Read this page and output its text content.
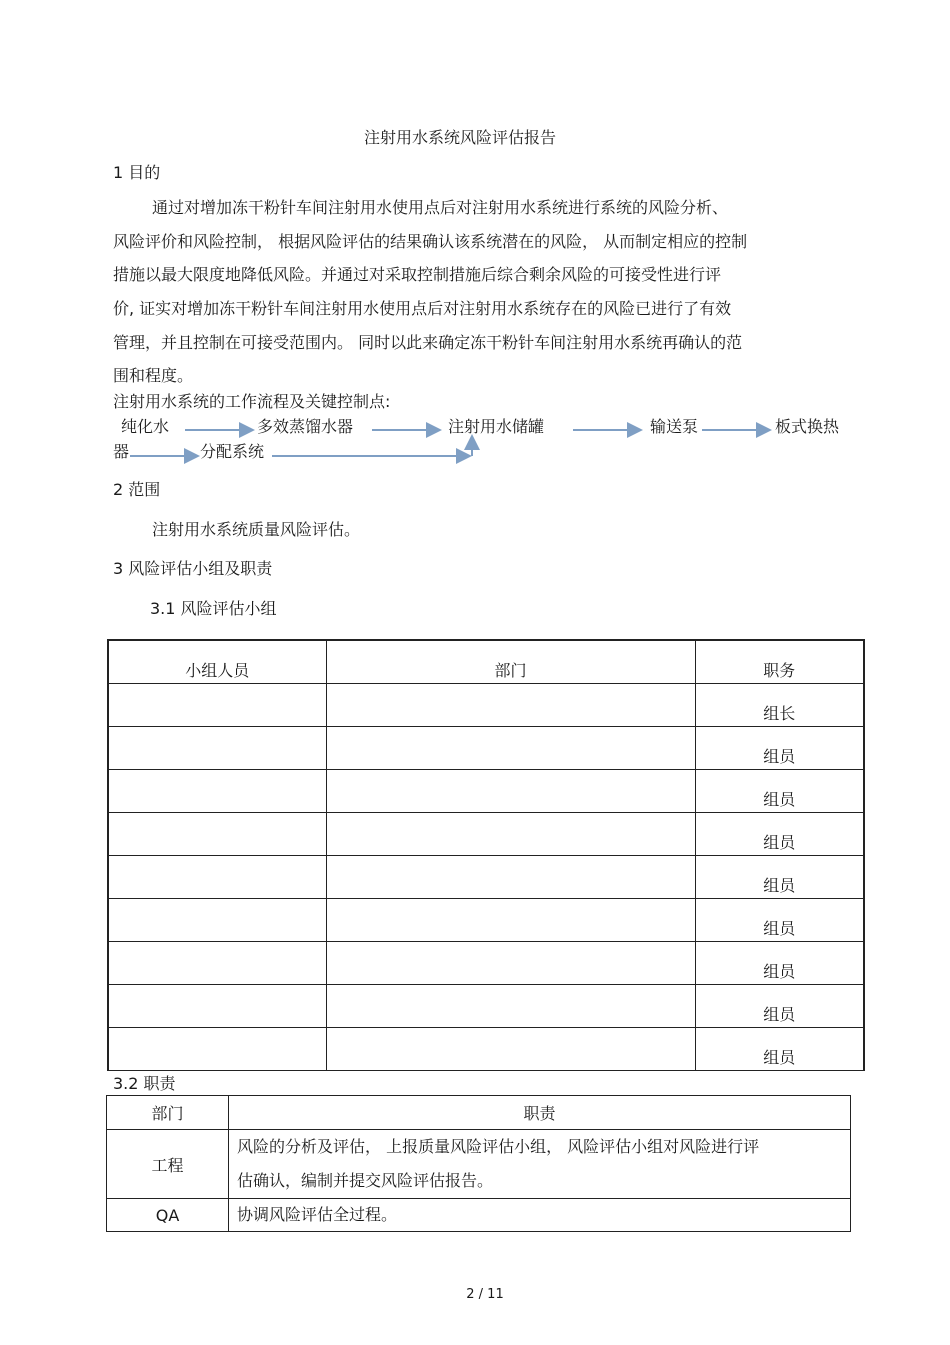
注射用水系统风险评估报告
1 目的
通过对增加冻干粉针车间注射用水使用点后对注射用水系统进行系统的风险分析、
风险评价和风险控制， 根据风险评估的结果确认该系统潜在的风险， 从而制定相应的控制
措施以最大限度地降低风险。并通过对采取控制措施后综合剩余风险的可接受性进行评
价, 证实对增加冻干粉针车间注射用水使用点后对注射用水系统存在的风险已进行了有效
管理，并且控制在可接受范围内。 同时以此来确定冻干粉针车间注射用水系统再确认的范
围和程度。
注射用水系统的工作流程及关键控制点:
纯化水	多效蒸馏水器	注射用水储罐	输送泵	板式换热
器	分配系统
2 范围
注射用水系统质量风险评估。
3 风险评估小组及职责
3.1 风险评估小组
小组人员	部门	职务
		组长
		组员
		组员
		组员
		组员
		组员
		组员
		组员
		组员
3.2 职责
部门	职责
工程	风险的分析及评估， 上报质量风险评估小组， 风险评估小组对风险进行评
估确认，编制并提交风险评估报告。

QA	协调风险评估全过程。
2 / 11
